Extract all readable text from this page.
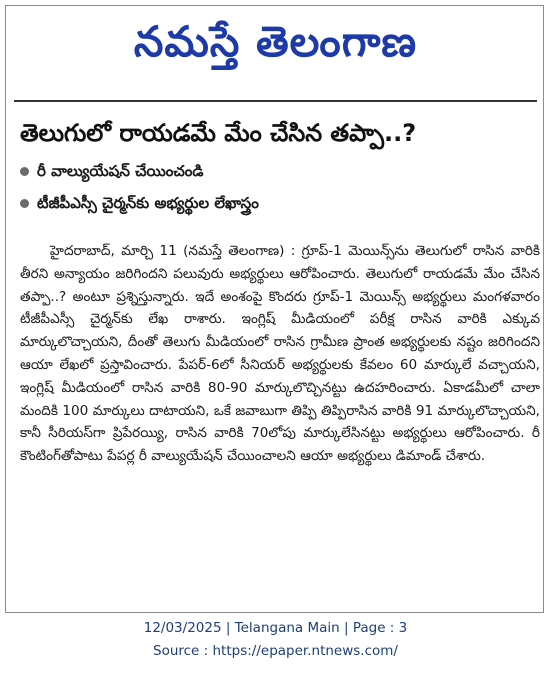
నమస్తే తెలంగాణ
తెలుగులో రాయడమే మేం చేసిన తప్పా..?
రీ వాల్యుయేషన్ చేయించండి
టీజీపీఎస్సీ చైర్మన్‌కు అభ్యర్థుల లేఖాస్త్రం

హైదరాబాద్, మార్చి 11 (నమస్తే తెలంగాణ) : గ్రూప్-1 మెయిన్స్‌ను తెలుగులో రాసిన వారికి తీరని అన్యాయం జరిగిందని పలువురు అభ్యర్థులు ఆరోపించారు. తెలుగులో రాయడమే మేం చేసిన తప్పా..? అంటూ ప్రశ్నిస్తున్నారు. ఇదే అంశంపై కొందరు గ్రూప్-1 మెయిన్స్ అభ్యర్థులు మంగళవారం టీజీపీఎస్సీ చైర్మన్‌కు లేఖ రాశారు. ఇంగ్లిష్ మీడియంలో పరీక్ష రాసిన వారికి ఎక్కువ మార్కులొచ్చాయని, దీంతో తెలుగు మీడియంలో రాసిన గ్రామీణ ప్రాంత అభ్యర్థులకు నష్టం జరిగిందని ఆయా లేఖలో ప్రస్తావించారు. పేపర్-6లో సీనియర్ అభ్యర్థులకు కేవలం 60 మార్కులే వచ్చాయని, ఇంగ్లిష్ మీడియంలో రాసిన వారికి 80-90 మార్కులొచ్చినట్టు ఉదహరించారు. ఏకాడమీలో చాలా మందికి 100 మార్కులు దాటాయని, ఒకే జవాబుగా తిప్పి తిప్పిరాసిన వారికి 91 మార్కులొచ్చాయని, కానీ సీరియస్‌గా ప్రిపేరయ్యి, రాసిన వారికి 70లోపు మార్కులేసినట్టు అభ్యర్థులు ఆరోపించారు. రీ కౌంటింగ్‌తోపాటు పేపర్ల రీ వాల్యుయేషన్ చేయించాలని ఆయా అభ్యర్థులు డిమాండ్ చేశారు.

12/03/2025 | Telangana Main | Page : 3
Source : https://epaper.ntnews.com/
